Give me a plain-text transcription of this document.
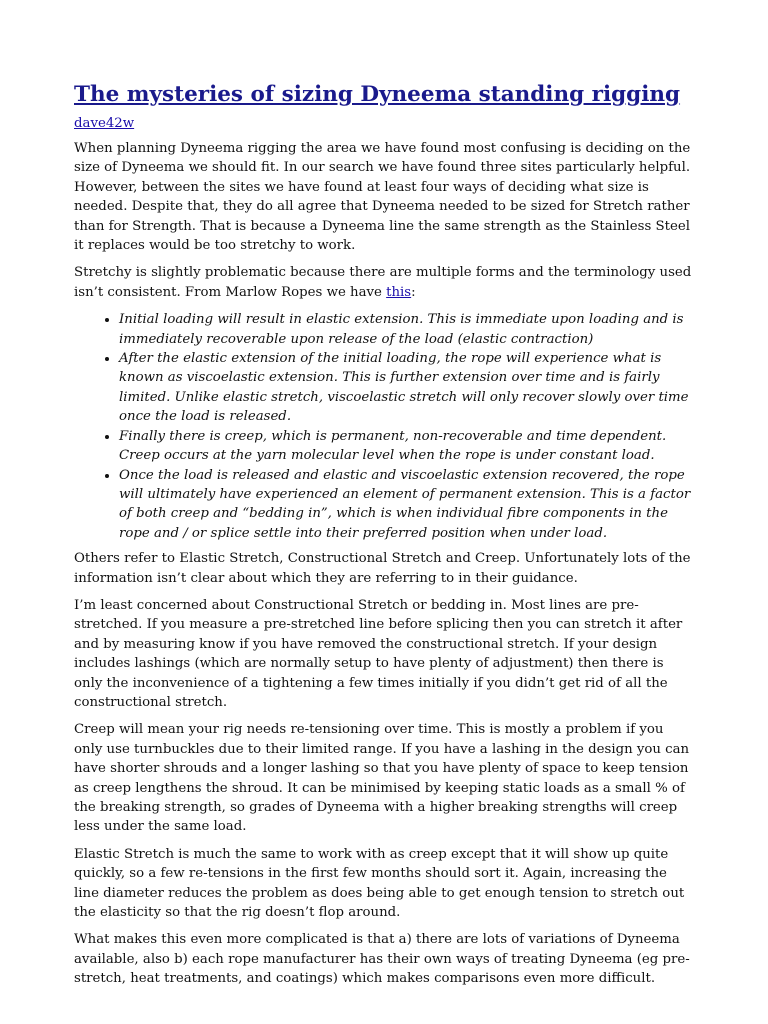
The mysteries of sizing Dyneema standing rigging
dave42w

When planning Dyneema rigging the area we have found most confusing is deciding on the size of Dyneema we should fit. In our search we have found three sites particularly helpful. However, between the sites we have found at least four ways of deciding what size is needed. Despite that, they do all agree that Dyneema needed to be sized for Stretch rather than for Strength. That is because a Dyneema line the same strength as the Stainless Steel it replaces would be too stretchy to work.

Stretchy is slightly problematic because there are multiple forms and the terminology used isn’t consistent. From Marlow Ropes we have this:

• Initial loading will result in elastic extension. This is immediate upon loading and is immediately recoverable upon release of the load (elastic contraction)
• After the elastic extension of the initial loading, the rope will experience what is known as viscoelastic extension. This is further extension over time and is fairly limited. Unlike elastic stretch, viscoelastic stretch will only recover slowly over time once the load is released.
• Finally there is creep, which is permanent, non-recoverable and time dependent. Creep occurs at the yarn molecular level when the rope is under constant load.
• Once the load is released and elastic and viscoelastic extension recovered, the rope will ultimately have experienced an element of permanent extension. This is a factor of both creep and “bedding in”, which is when individual fibre components in the rope and / or splice settle into their preferred position when under load.

Others refer to Elastic Stretch, Constructional Stretch and Creep. Unfortunately lots of the information isn’t clear about which they are referring to in their guidance.

I’m least concerned about Constructional Stretch or bedding in. Most lines are pre-stretched. If you measure a pre-stretched line before splicing then you can stretch it after and by measuring know if you have removed the constructional stretch. If your design includes lashings (which are normally setup to have plenty of adjustment) then there is only the inconvenience of a tightening a few times initially if you didn’t get rid of all the constructional stretch.

Creep will mean your rig needs re-tensioning over time. This is mostly a problem if you only use turnbuckles due to their limited range. If you have a lashing in the design you can have shorter shrouds and a longer lashing so that you have plenty of space to keep tension as creep lengthens the shroud. It can be minimised by keeping static loads as a small % of the breaking strength, so grades of Dyneema with a higher breaking strengths will creep less under the same load.

Elastic Stretch is much the same to work with as creep except that it will show up quite quickly, so a few re-tensions in the first few months should sort it. Again, increasing the line diameter reduces the problem as does being able to get enough tension to stretch out the elasticity so that the rig doesn’t flop around.

What makes this even more complicated is that a) there are lots of variations of Dyneema available, also b) each rope manufacturer has their own ways of treating Dyneema (eg pre-stretch, heat treatments, and coatings) which makes comparisons even more difficult.
